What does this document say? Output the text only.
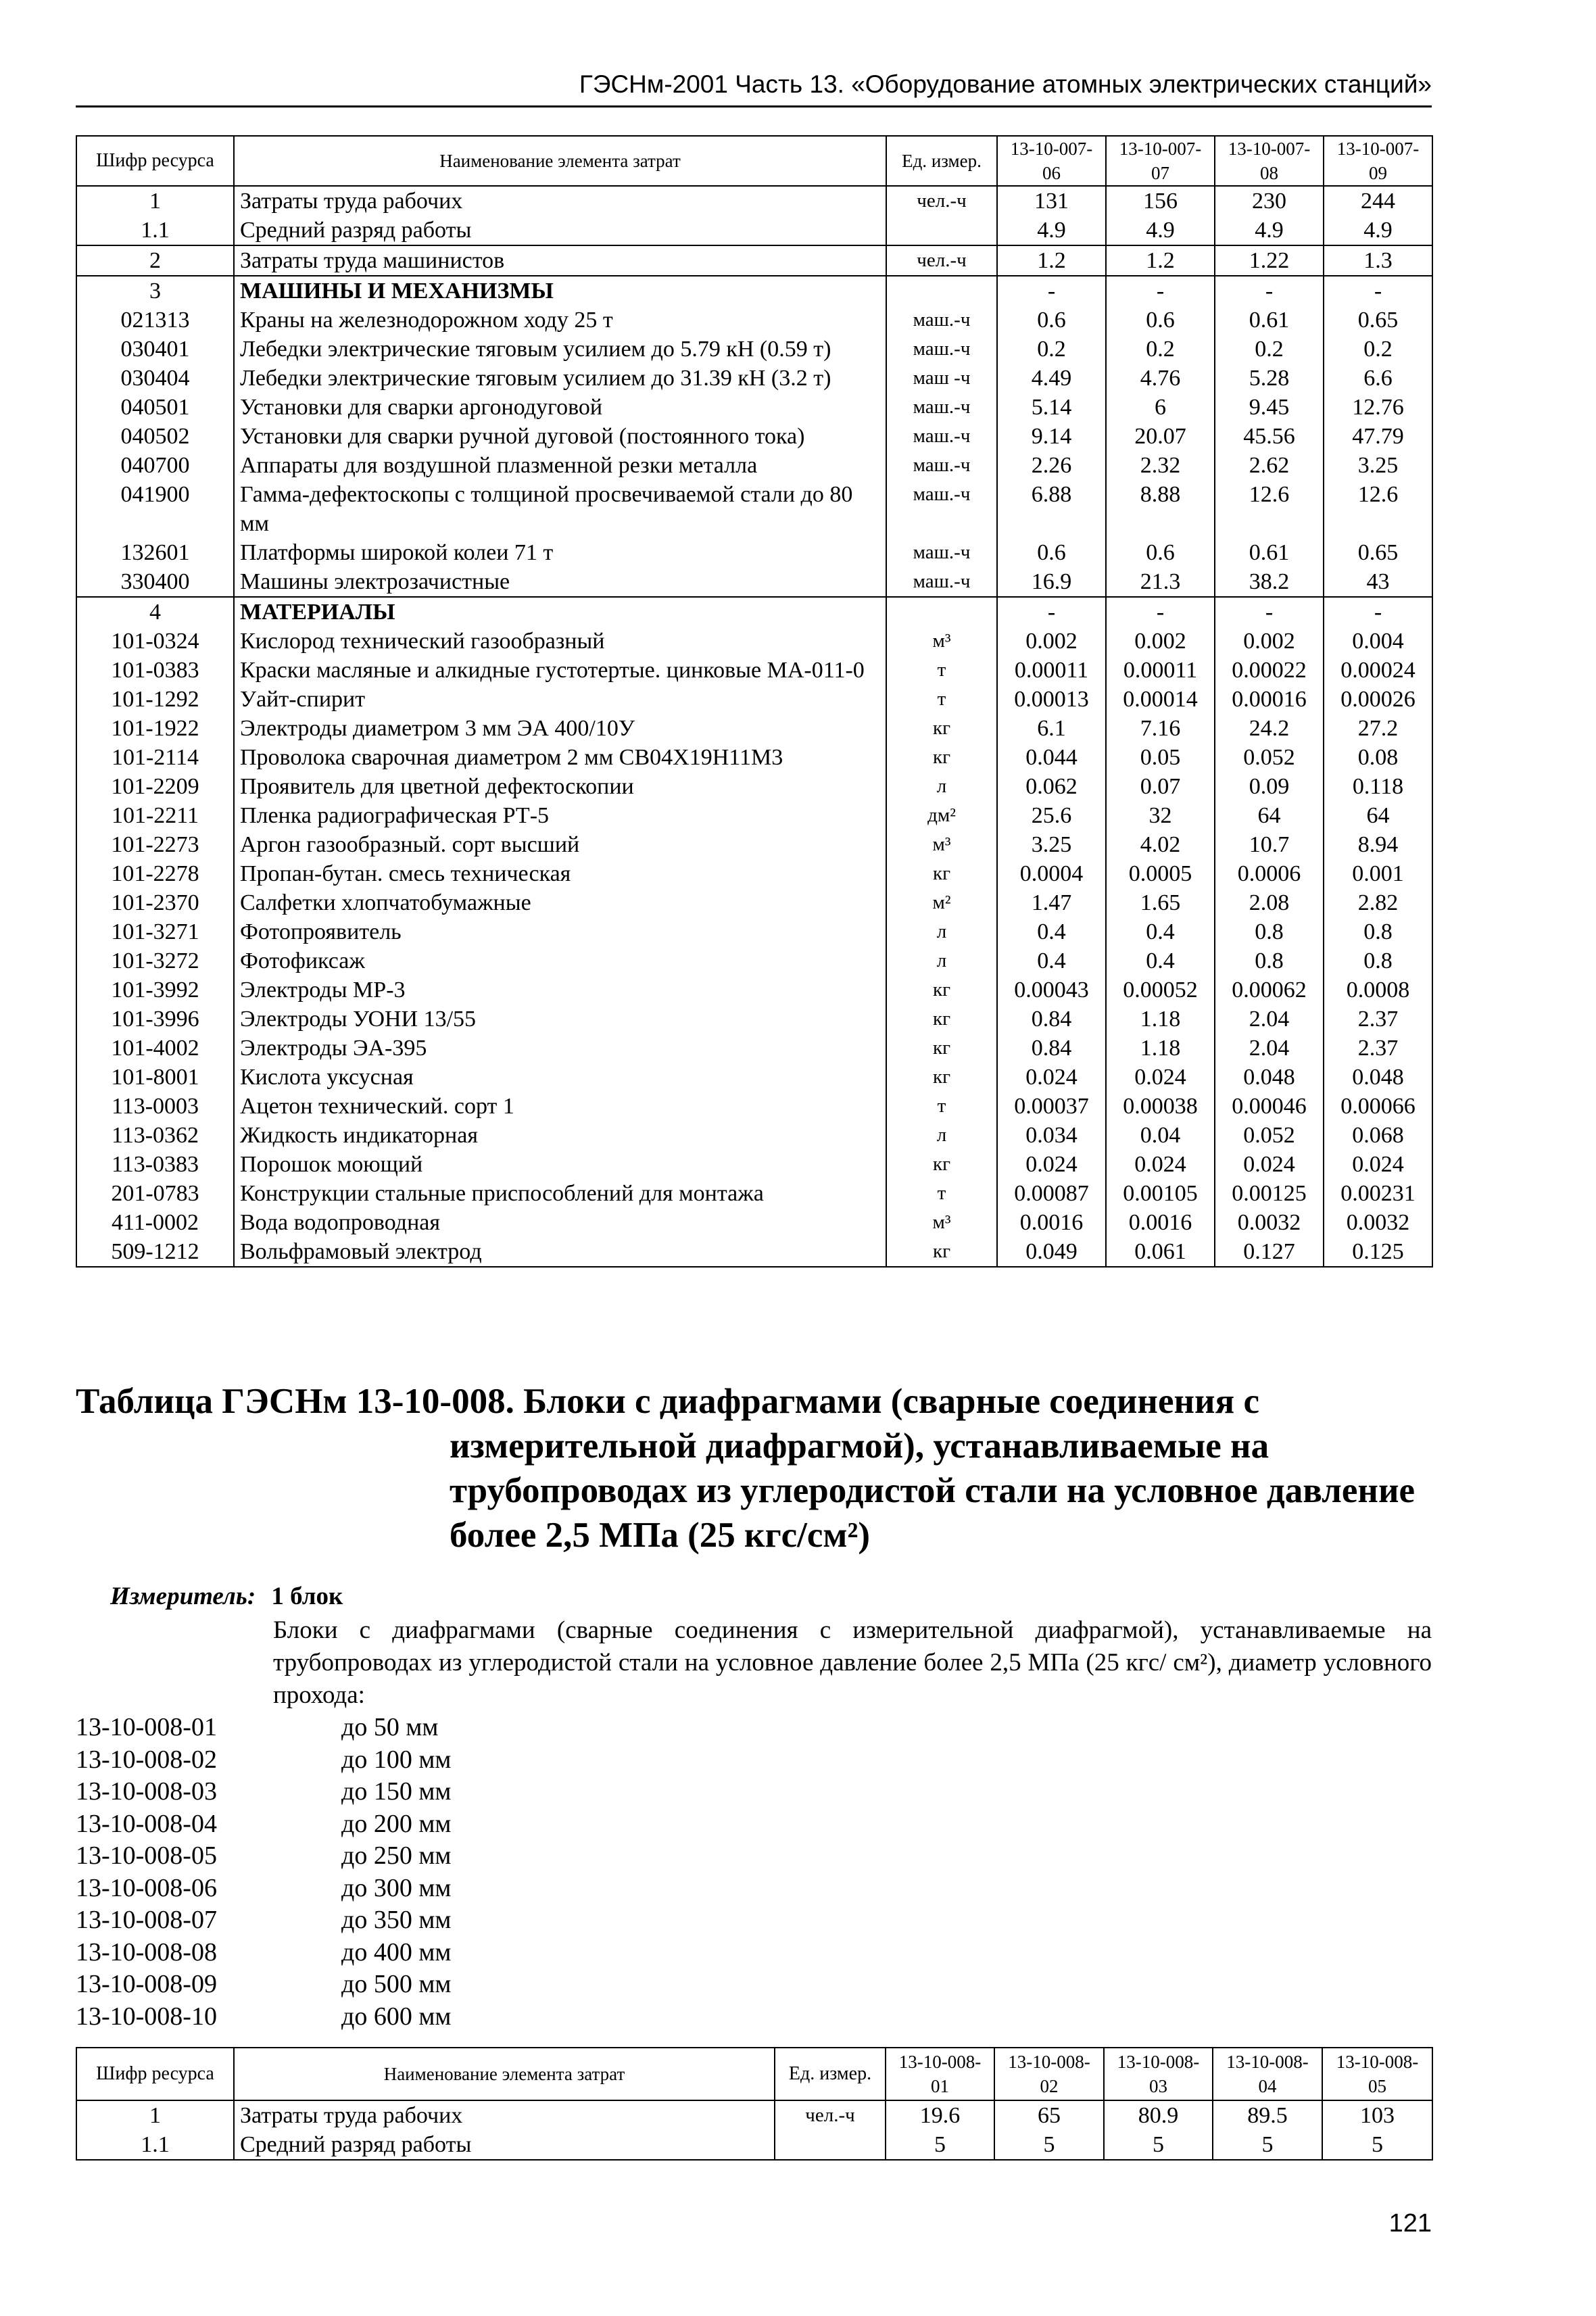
ГЭСНм-2001 Часть 13. «Оборудование атомных электрических станций»
Шифр ресурса	Наименование элемента затрат	Ед. измер.	13-10-007-06	13-10-007-07	13-10-007-08	13-10-007-09
1	Затраты труда рабочих	чел.-ч	131	156	230	244
1.1	Средний разряд работы		4.9	4.9	4.9	4.9
2	Затраты труда машинистов	чел.-ч	1.2	1.2	1.22	1.3
3	МАШИНЫ И МЕХАНИЗМЫ		-	-	-	-
021313	Краны на железнодорожном ходу 25 т	маш.-ч	0.6	0.6	0.61	0.65
030401	Лебедки электрические тяговым усилием до 5.79 кН (0.59 т)	маш.-ч	0.2	0.2	0.2	0.2
030404	Лебедки электрические тяговым усилием до 31.39 кН (3.2 т)	маш -ч	4.49	4.76	5.28	6.6
040501	Установки для сварки аргонодуговой	маш.-ч	5.14	6	9.45	12.76
040502	Установки для сварки ручной дуговой (постоянного тока)	маш.-ч	9.14	20.07	45.56	47.79
040700	Аппараты для воздушной плазменной резки металла	маш.-ч	2.26	2.32	2.62	3.25
041900	Гамма-дефектоскопы с толщиной просвечиваемой стали до 80 мм	маш.-ч	6.88	8.88	12.6	12.6
132601	Платформы широкой колеи 71 т	маш.-ч	0.6	0.6	0.61	0.65
330400	Машины электрозачистные	маш.-ч	16.9	21.3	38.2	43
4	МАТЕРИАЛЫ		-	-	-	-
101-0324	Кислород технический газообразный	м³	0.002	0.002	0.002	0.004
101-0383	Краски масляные и алкидные густотертые. цинковые МА-011-0	т	0.00011	0.00011	0.00022	0.00024
101-1292	Уайт-спирит	т	0.00013	0.00014	0.00016	0.00026
101-1922	Электроды диаметром 3 мм ЭА 400/10У	кг	6.1	7.16	24.2	27.2
101-2114	Проволока сварочная диаметром 2 мм СВ04Х19Н11М3	кг	0.044	0.05	0.052	0.08
101-2209	Проявитель для цветной дефектоскопии	л	0.062	0.07	0.09	0.118
101-2211	Пленка радиографическая РТ-5	дм²	25.6	32	64	64
101-2273	Аргон газообразный. сорт высший	м³	3.25	4.02	10.7	8.94
101-2278	Пропан-бутан. смесь техническая	кг	0.0004	0.0005	0.0006	0.001
101-2370	Салфетки хлопчатобумажные	м²	1.47	1.65	2.08	2.82
101-3271	Фотопроявитель	л	0.4	0.4	0.8	0.8
101-3272	Фотофиксаж	л	0.4	0.4	0.8	0.8
101-3992	Электроды МР-3	кг	0.00043	0.00052	0.00062	0.0008
101-3996	Электроды УОНИ 13/55	кг	0.84	1.18	2.04	2.37
101-4002	Электроды ЭА-395	кг	0.84	1.18	2.04	2.37
101-8001	Кислота уксусная	кг	0.024	0.024	0.048	0.048
113-0003	Ацетон технический. сорт 1	т	0.00037	0.00038	0.00046	0.00066
113-0362	Жидкость индикаторная	л	0.034	0.04	0.052	0.068
113-0383	Порошок моющий	кг	0.024	0.024	0.024	0.024
201-0783	Конструкции стальные приспособлений для монтажа	т	0.00087	0.00105	0.00125	0.00231
411-0002	Вода водопроводная	м³	0.0016	0.0016	0.0032	0.0032
509-1212	Вольфрамовый электрод	кг	0.049	0.061	0.127	0.125
Таблица ГЭСНм 13-10-008. Блоки с диафрагмами (сварные соединения с измерительной диафрагмой), устанавливаемые на трубопроводах из углеродистой стали на условное давление более 2,5 МПа (25 кгс/см²)
Измеритель: 1 блок
Блоки с диафрагмами (сварные соединения с измерительной диафрагмой), устанавливаемые на трубопроводах из углеродистой стали на условное давление более 2,5 МПа (25 кгс/ см²), диаметр условного прохода:
13-10-008-01	до 50 мм
13-10-008-02	до 100 мм
13-10-008-03	до 150 мм
13-10-008-04	до 200 мм
13-10-008-05	до 250 мм
13-10-008-06	до 300 мм
13-10-008-07	до 350 мм
13-10-008-08	до 400 мм
13-10-008-09	до 500 мм
13-10-008-10	до 600 мм
Шифр ресурса	Наименование элемента затрат	Ед. измер.	13-10-008-01	13-10-008-02	13-10-008-03	13-10-008-04	13-10-008-05
1	Затраты труда рабочих	чел.-ч	19.6	65	80.9	89.5	103
1.1	Средний разряд работы		5	5	5	5	5
121
